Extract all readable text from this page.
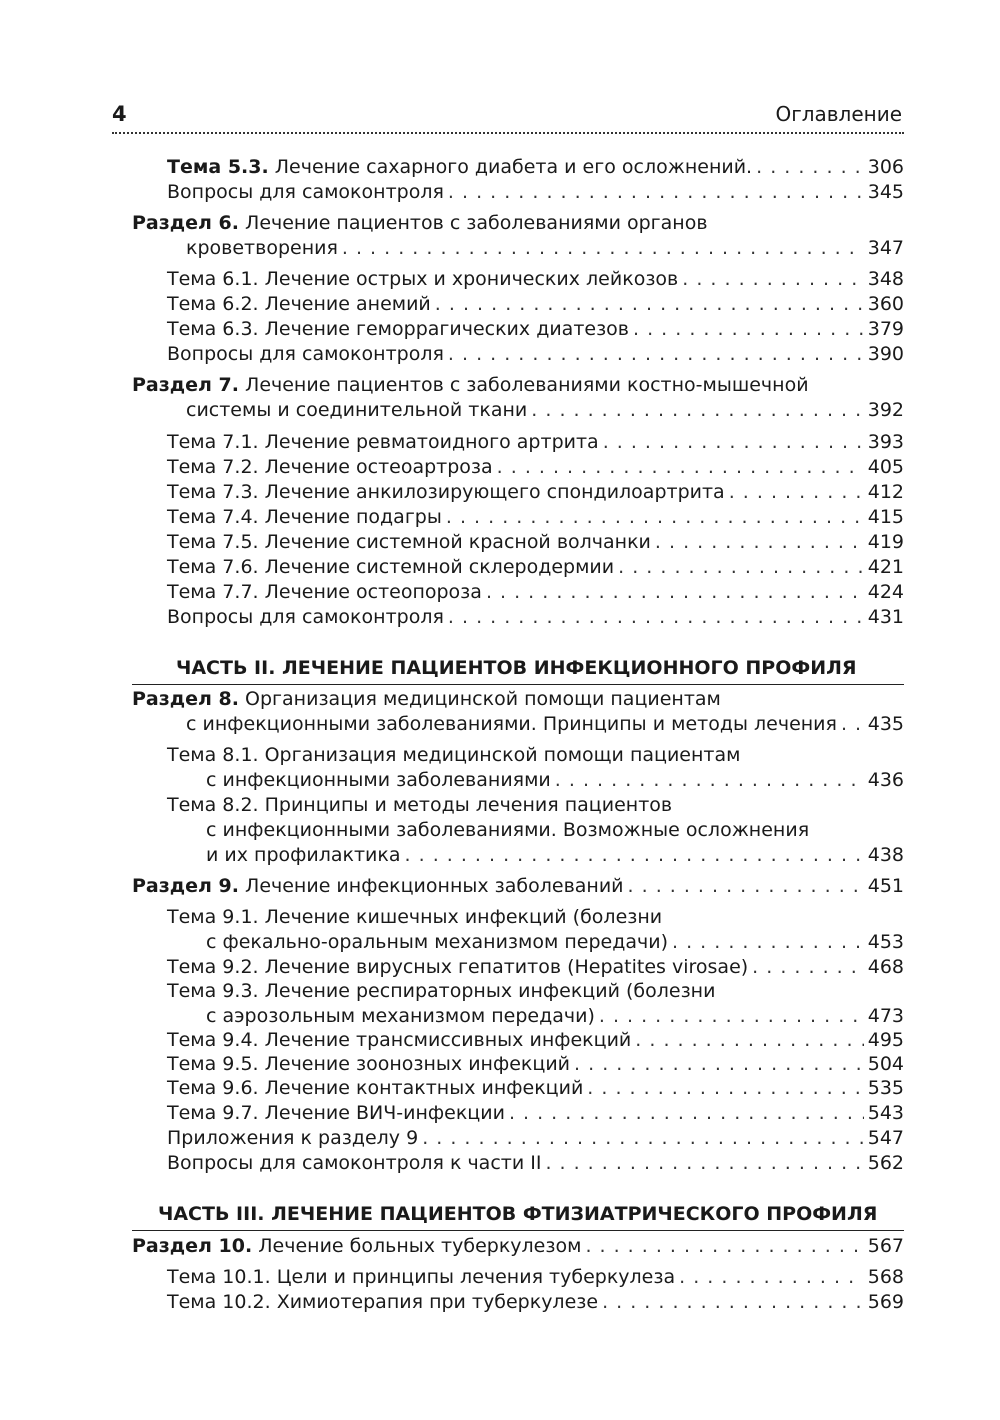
4	Оглавление
Тема 5.3. Лечение сахарного диабета и его осложнений. . . .	306
Вопросы для самоконтроля . . .	345
Раздел 6. Лечение пациентов с заболеваниями органов
кроветворения . . .	347
Тема 6.1. Лечение острых и хронических лейкозов . . .	348
Тема 6.2. Лечение анемий . . .	360
Тема 6.3. Лечение геморрагических диатезов . . .	379
Вопросы для самоконтроля . . .	390
Раздел 7. Лечение пациентов с заболеваниями костно-мышечной
системы и соединительной ткани . . .	392
Тема 7.1. Лечение ревматоидного артрита . . .	393
Тема 7.2. Лечение остеоартроза . . .	405
Тема 7.3. Лечение анкилозирующего спондилоартрита . . .	412
Тема 7.4. Лечение подагры . . .	415
Тема 7.5. Лечение системной красной волчанки . . .	419
Тема 7.6. Лечение системной склеродермии . . .	421
Тема 7.7. Лечение остеопороза . . .	424
Вопросы для самоконтроля . . .	431
ЧАСТЬ II. ЛЕЧЕНИЕ ПАЦИЕНТОВ ИНФЕКЦИОННОГО ПРОФИЛЯ
Раздел 8. Организация медицинской помощи пациентам
с инфекционными заболеваниями. Принципы и методы лечения . . . 435
Тема 8.1. Организация медицинской помощи пациентам
с инфекционными заболеваниями . . .	436
Тема 8.2. Принципы и методы лечения пациентов
с инфекционными заболеваниями. Возможные осложнения
и их профилактика . . .	438
Раздел 9. Лечение инфекционных заболеваний . . .	451
Тема 9.1. Лечение кишечных инфекций (болезни
с фекально-оральным механизмом передачи) . . .	453
Тема 9.2. Лечение вирусных гепатитов (Hepatites virosae) . . .	468
Тема 9.3. Лечение респираторных инфекций (болезни
с аэрозольным механизмом передачи) . . .	473
Тема 9.4. Лечение трансмиссивных инфекций . . .	495
Тема 9.5. Лечение зоонозных инфекций . . .	504
Тема 9.6. Лечение контактных инфекций . . .	535
Тема 9.7. Лечение ВИЧ-инфекции . . .	543
Приложения к разделу 9 . . .	547
Вопросы для самоконтроля к части II . . .	562
ЧАСТЬ III. ЛЕЧЕНИЕ ПАЦИЕНТОВ ФТИЗИАТРИЧЕСКОГО ПРОФИЛЯ
Раздел 10. Лечение больных туберкулезом . . .	567
Тема 10.1. Цели и принципы лечения туберкулеза . . .	568
Тема 10.2. Химиотерапия при туберкулезе . . .	569
